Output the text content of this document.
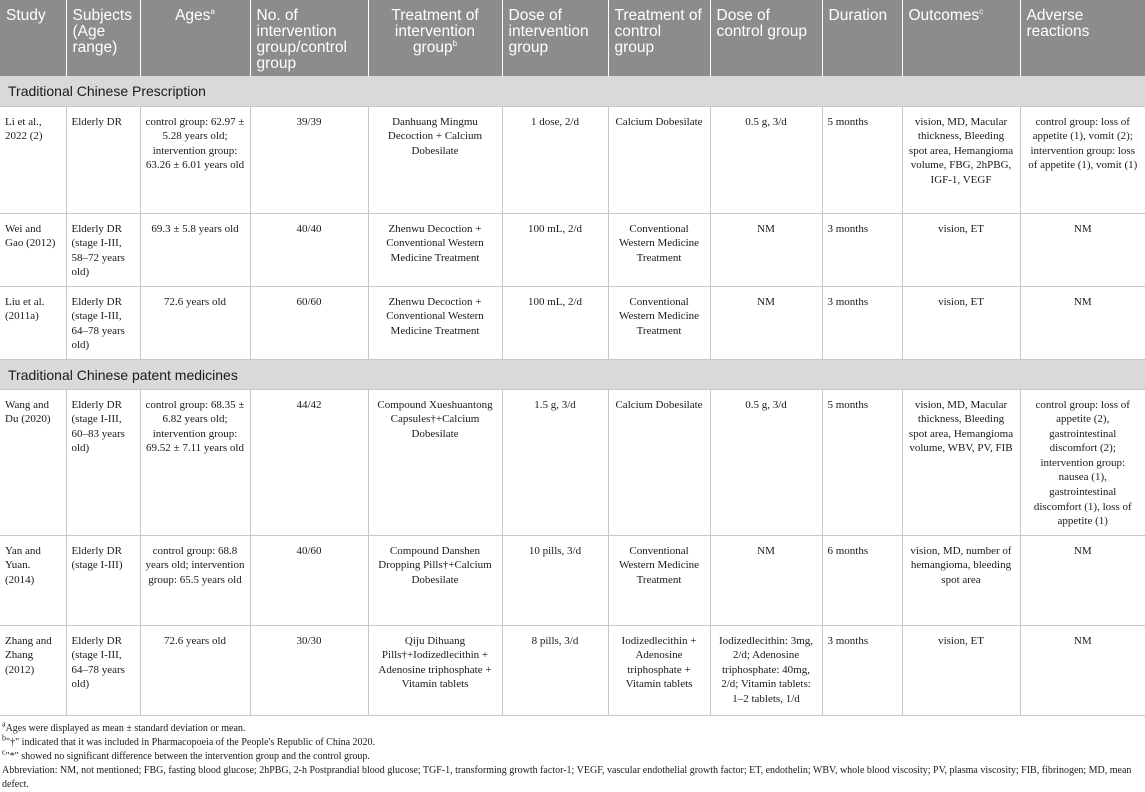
Study	Subjects (Age range)	Ages$^a$	No. of intervention group/control group	Treatment of intervention group$^b$	Dose of intervention group	Treatment of control group	Dose of control group	Duration	Outcomes$^c$	Adverse reactions
Traditional Chinese Prescription										
Li et al., 2022 (2)	Elderly DR	control group: 62.97 ± 5.28 years old; intervention group: 63.26 ± 6.01 years old	39/39	Danhuang Mingmu Decoction + Calcium Dobesilate	1 dose, 2/d	Calcium Dobesilate	0.5 g, 3/d	5 months	vision, MD, Macular thickness, Bleeding spot area, Hemangioma volume, FBG, 2hPBG, IGF-1, VEGF	control group: loss of appetite (1), vomit (2); intervention group: loss of appetite (1), vomit (1)
Wei and Gao (2012)	Elderly DR (stage I-III, 58–72 years old)	69.3 ± 5.8 years old	40/40	Zhenwu Decoction + Conventional Western Medicine Treatment	100 mL, 2/d	Conventional Western Medicine Treatment	NM	3 months	vision, ET	NM
Liu et al. (2011a)	Elderly DR (stage I-III, 64–78 years old)	72.6 years old	60/60	Zhenwu Decoction + Conventional Western Medicine Treatment	100 mL, 2/d	Conventional Western Medicine Treatment	NM	3 months	vision, ET	NM
Traditional Chinese patent medicines										
Wang and Du (2020)	Elderly DR (stage I-III, 60–83 years old)	control group: 68.35 ± 6.82 years old; intervention group: 69.52 ± 7.11 years old	44/42	Compound Xueshuantong Capsules†+Calcium Dobesilate	1.5 g, 3/d	Calcium Dobesilate	0.5 g, 3/d	5 months	vision, MD, Macular thickness, Bleeding spot area, Hemangioma volume, WBV, PV, FIB	control group: loss of appetite (2), gastrointestinal discomfort (2); intervention group: nausea (1), gastrointestinal discomfort (1), loss of appetite (1)
Yan and Yuan. (2014)	Elderly DR (stage I-III)	control group: 68.8 years old; intervention group: 65.5 years old	40/60	Compound Danshen Dropping Pills†+Calcium Dobesilate	10 pills, 3/d	Conventional Western Medicine Treatment	NM	6 months	vision, MD, number of hemangioma, bleeding spot area	NM
Zhang and Zhang (2012)	Elderly DR (stage I-III, 64–78 years old)	72.6 years old	30/30	Qiju Dihuang Pills†+Iodizedlecithin + Adenosine triphosphate + Vitamin tablets	8 pills, 3/d	Iodizedlecithin + Adenosine triphosphate + Vitamin tablets	Iodizedlecithin: 3mg, 2/d; Adenosine triphosphate: 40mg, 2/d; Vitamin tablets: 1–2 tablets, 1/d	3 months	vision, ET	NM
$^a$Ages were displayed as mean ± standard deviation or mean.
$^b$"†" indicated that it was included in Pharmacopoeia of the People's Republic of China 2020.
$^c$"*" showed no significant difference between the intervention group and the control group.
Abbreviation: NM, not mentioned; FBG, fasting blood glucose; 2hPBG, 2-h Postprandial blood glucose; TGF-1, transforming growth factor-1; VEGF, vascular endothelial growth factor; ET, endothelin; WBV, whole blood viscosity; PV, plasma viscosity; FIB, fibrinogen; MD, mean defect.
